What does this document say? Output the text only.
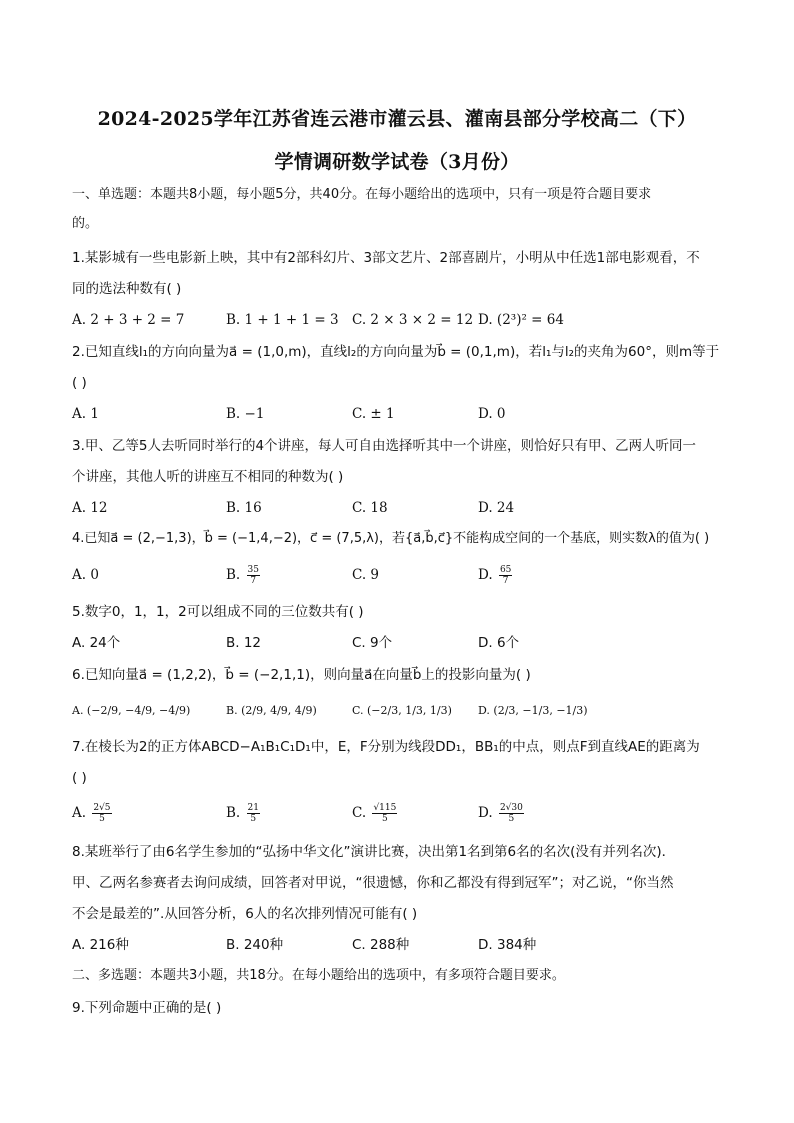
2024-2025学年江苏省连云港市灌云县、灌南县部分学校高二（下）
学情调研数学试卷（3月份）
一、单选题：本题共8小题，每小题5分，共40分。在每小题给出的选项中，只有一项是符合题目要求
的。
1.某影城有一些电影新上映，其中有2部科幻片、3部文艺片、2部喜剧片，小明从中任选1部电影观看，不
同的选法种数有( )
A. 2 + 3 + 2 = 7	B. 1 + 1 + 1 = 3 C. 2 × 3 × 2 = 12 D. (2³)² = 64
2.已知直线l₁的方向向量为a⃗ = (1,0,m)，直线l₂的方向向量为b⃗ = (0,1,m)，若l₁与l₂的夹角为60°，则m等于
( )
A. 1	B. −1	C. ± 1	D. 0
3.甲、乙等5人去听同时举行的4个讲座，每人可自由选择听其中一个讲座，则恰好只有甲、乙两人听同一
个讲座，其他人听的讲座互不相同的种数为( )
A. 12	B. 16	C. 18	D. 24
4.已知a⃗ = (2,−1,3)，b⃗ = (−1,4,−2)，c⃗ = (7,5,λ)，若{a⃗,b⃗,c⃗}不能构成空间的一个基底，则实数λ的值为( )
A. 0	B. $\frac{35}{7}$	C. 9	D. $\frac{65}{7}$
5.数字0，1，1，2可以组成不同的三位数共有( )
A. 24个	B. 12	C. 9个	D. 6个
6.已知向量a⃗ = (1,2,2)，b⃗ = (−2,1,1)，则向量a⃗在向量b⃗上的投影向量为( )
A. (−2/9, −4/9, −4/9)	B. (2/9, 4/9, 4/9)	C. (−2/3, 1/3, 1/3) D. (2/3, −1/3, −1/3)
7.在棱长为2的正方体ABCD−A₁B₁C₁D₁中，E，F分别为线段DD₁，BB₁的中点，则点F到直线AE的距离为
( )
A. $\frac{2√5}{5}$	B. $\frac{21}{5}$	C. $\frac{√115}{5}$	D. $\frac{2√30}{5}$
8.某班举行了由6名学生参加的“弘扬中华文化”演讲比赛，决出第1名到第6名的名次(没有并列名次)．
甲、乙两名参赛者去询问成绩，回答者对甲说，“很遗憾，你和乙都没有得到冠军”；对乙说，“你当然
不会是最差的”.从回答分析，6人的名次排列情况可能有( )
A. 216种	B. 240种	C. 288种	D. 384种
二、多选题：本题共3小题，共18分。在每小题给出的选项中，有多项符合题目要求。
9.下列命题中正确的是( )
